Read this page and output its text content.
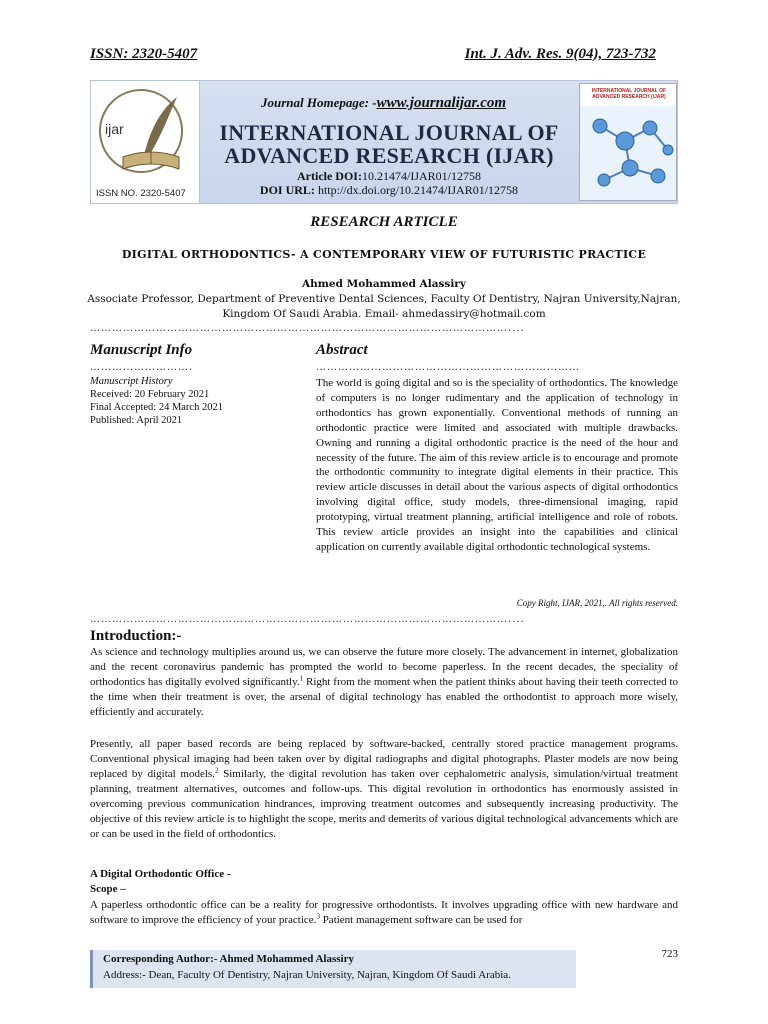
ISSN: 2320-5407	Int. J. Adv. Res. 9(04), 723-732
ijar
ISSN NO. 2320-5407
Journal Homepage: -www.journalijar.com
INTERNATIONAL JOURNAL OF
ADVANCED RESEARCH (IJAR)
Article DOI:10.21474/IJAR01/12758
DOI URL: http://dx.doi.org/10.21474/IJAR01/12758
INTERNATIONAL JOURNAL OF ADVANCED RESEARCH (IJAR)
RESEARCH ARTICLE
DIGITAL ORTHODONTICS- A CONTEMPORARY VIEW OF FUTURISTIC PRACTICE
Ahmed Mohammed Alassiry
Associate Professor, Department of Preventive Dental Sciences, Faculty Of Dentistry, Najran University,Najran,
Kingdom Of Saudi Arabia. Email- ahmedassiry@hotmail.com
……………………………………………………………………………………………………....
Manuscript Info	Abstract
……………………….	………………………………………………………………
Manuscript History
Received: 20 February 2021
Final Accepted: 24 March 2021
Published: April 2021
The world is going digital and so is the speciality of orthodontics. The knowledge of computers is no longer rudimentary and the application of technology in orthodontics has grown exponentially. Conventional methods of running an orthodontic practice were limited and associated with multiple drawbacks. Owning and running a digital orthodontic practice is the need of the hour and necessity of the future. The aim of this review article is to encourage and promote the orthodontic community to integrate digital elements in their practice. This review article discusses in detail about the various aspects of digital orthodontics involving digital office, study models, three-dimensional imaging, rapid prototyping, virtual treatment planning, artificial intelligence and role of robots. This review article provides an insight into the capabilities and clinical application on currently available digital orthodontic technological systems.
Copy Right, IJAR, 2021,. All rights reserved.
……………………………………………………………………………………………………....
Introduction:-
As science and technology multiplies around us, we can observe the future more closely. The advancement in internet, globalization and the recent coronavirus pandemic has prompted the world to become paperless. In the recent decades, the speciality of orthodontics has digitally evolved significantly.$^1$ Right from the moment when the patient thinks about having their teeth corrected to the time when their treatment is over, the arsenal of digital technology has enabled the orthodontist to approach more wisely, efficiently and accurately.
Presently, all paper based records are being replaced by software-backed, centrally stored practice management programs. Conventional physical imaging had been taken over by digital radiographs and digital photographs. Plaster models are now being replaced by digital models.$^2$ Similarly, the digital revolution has taken over cephalometric analysis, simulation/virtual treatment planning, treatment alternatives, outcomes and follow-ups. This digital revolution in orthodontics has enormously assisted in overcoming previous communication hindrances, improving treatment outcomes and subsequently increasing productivity. The objective of this review article is to highlight the scope, merits and demerits of various digital technological advancements which are or can be used in the field of orthodontics.
A Digital Orthodontic Office -
Scope –
A paperless orthodontic office can be a reality for progressive orthodontists. It involves upgrading office with new hardware and software to improve the efficiency of your practice.$^3$ Patient management software can be used for
Corresponding Author:- Ahmed Mohammed Alassiry
Address:- Dean, Faculty Of Dentistry, Najran University, Najran, Kingdom Of Saudi Arabia.
723
